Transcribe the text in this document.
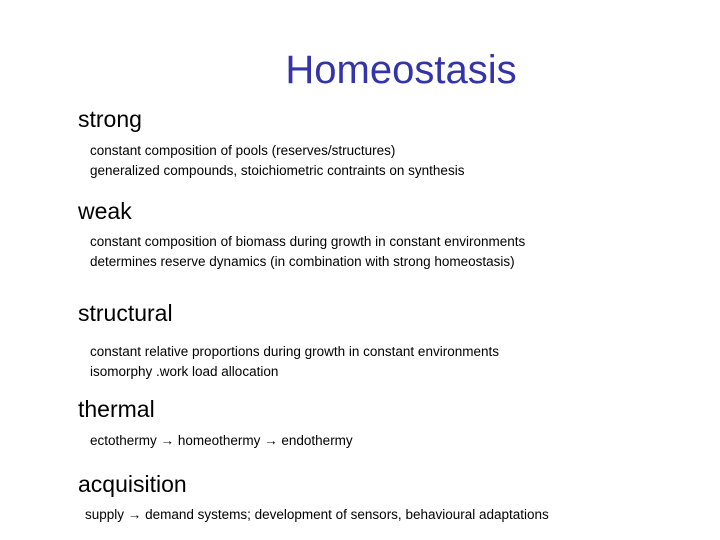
Homeostasis
strong
constant composition of pools (reserves/structures)
generalized compounds, stoichiometric contraints on synthesis
weak
constant composition of biomass during growth in constant environments
determines reserve dynamics (in combination with strong homeostasis)
structural
constant relative proportions during growth in constant environments
isomorphy .work load allocation
thermal
ectothermy → homeothermy → endothermy
acquisition
supply → demand systems; development of sensors, behavioural adaptations
